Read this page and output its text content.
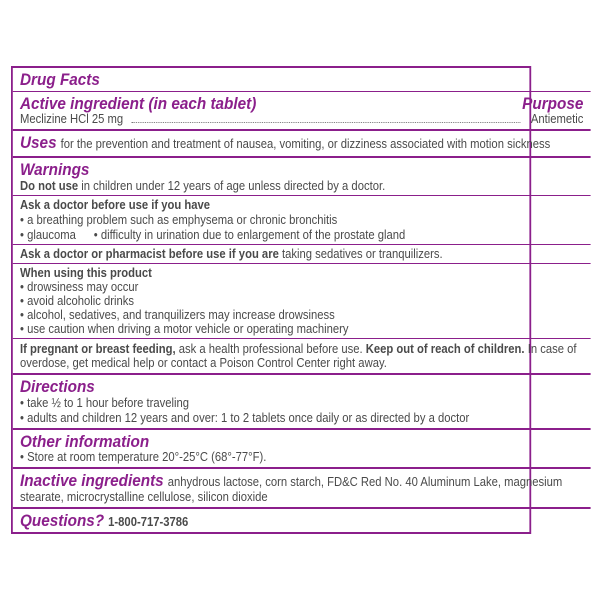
Drug Facts
Active ingredient (in each tablet)	Purpose
Meclizine HCl 25 mg	Antiemetic
Uses for the prevention and treatment of nausea, vomiting, or dizziness associated with motion sickness
Warnings
Do not use in children under 12 years of age unless directed by a doctor.
Ask a doctor before use if you have
• a breathing problem such as emphysema or chronic bronchitis
• glaucoma
•	difficulty in urination due to enlargement of the prostate gland
Ask a doctor or pharmacist before use if you are taking sedatives or tranquilizers.
When using this product
• drowsiness may occur
• avoid alcoholic drinks
• alcohol, sedatives, and tranquilizers may increase drowsiness
• use caution when driving a motor vehicle or operating machinery
If pregnant or breast feeding, ask a health professional before use. Keep out of reach of children. In case of
overdose, get medical help or contact a Poison Control Center right away.
Directions
• take ½ to 1 hour before traveling
• adults and children 12 years and over: 1 to 2 tablets once daily or as directed by a doctor
Other information
• Store at room temperature 20°-25°C (68°-77°F).
Inactive ingredients anhydrous lactose, corn starch, FD&C Red No. 40 Aluminum Lake, magnesium
stearate, microcrystalline cellulose, silicon dioxide
Questions? 1-800-717-3786
